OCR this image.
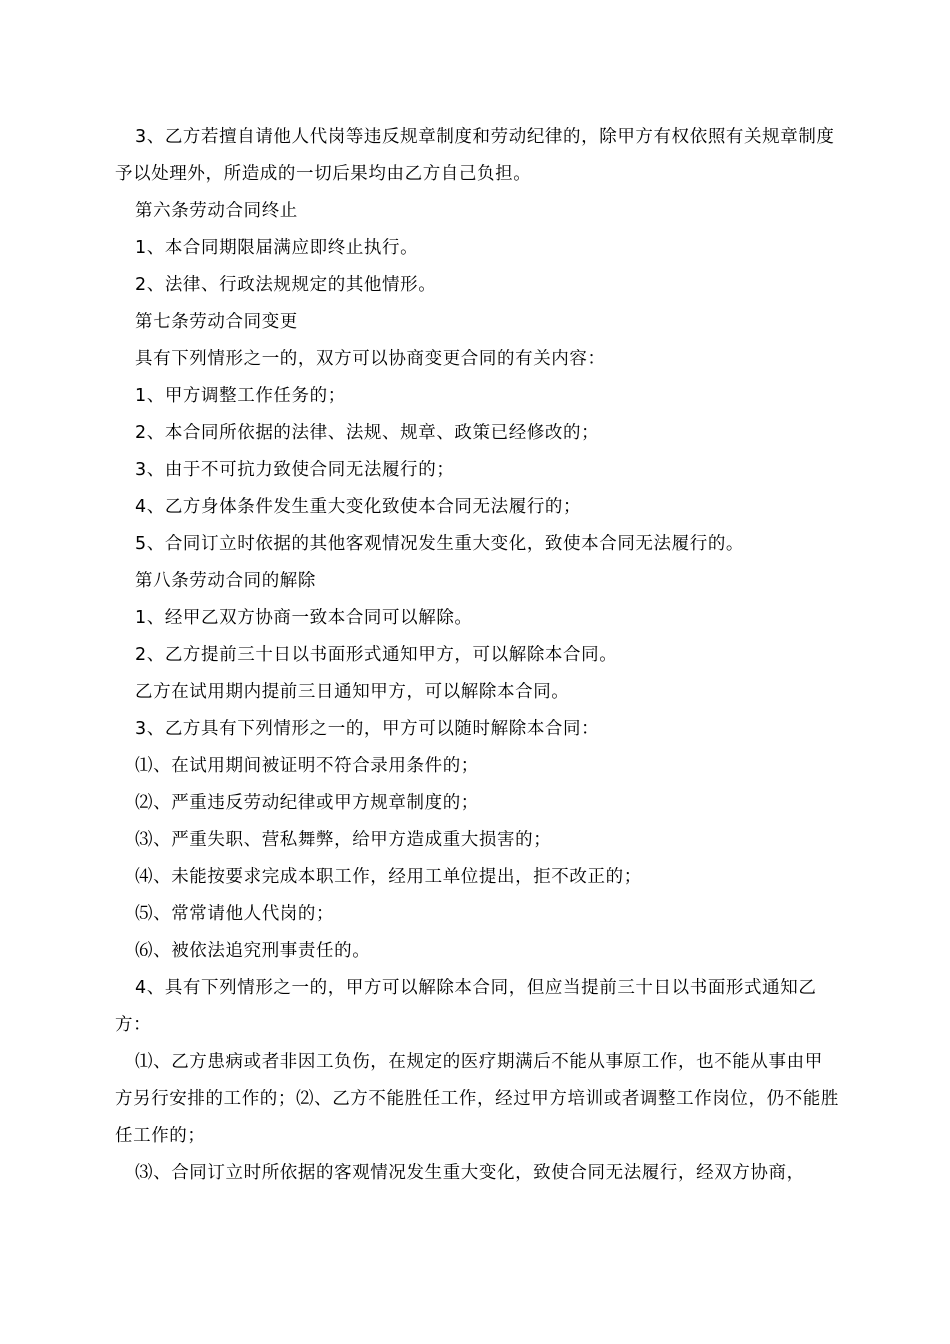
3、乙方若擅自请他人代岗等违反规章制度和劳动纪律的，除甲方有权依照有关规章制度予以处理外，所造成的一切后果均由乙方自己负担。

第六条劳动合同终止

1、本合同期限届满应即终止执行。

2、法律、行政法规规定的其他情形。

第七条劳动合同变更

具有下列情形之一的，双方可以协商变更合同的有关内容：

1、甲方调整工作任务的；

2、本合同所依据的法律、法规、规章、政策已经修改的；

3、由于不可抗力致使合同无法履行的；

4、乙方身体条件发生重大变化致使本合同无法履行的；

5、合同订立时依据的其他客观情况发生重大变化，致使本合同无法履行的。

第八条劳动合同的解除

1、经甲乙双方协商一致本合同可以解除。

2、乙方提前三十日以书面形式通知甲方，可以解除本合同。

乙方在试用期内提前三日通知甲方，可以解除本合同。

3、乙方具有下列情形之一的，甲方可以随时解除本合同：

⑴、在试用期间被证明不符合录用条件的；

⑵、严重违反劳动纪律或甲方规章制度的；

⑶、严重失职、营私舞弊，给甲方造成重大损害的；

⑷、未能按要求完成本职工作，经用工单位提出，拒不改正的；

⑸、常常请他人代岗的；

⑹、被依法追究刑事责任的。

4、具有下列情形之一的，甲方可以解除本合同，但应当提前三十日以书面形式通知乙方：

⑴、乙方患病或者非因工负伤，在规定的医疗期满后不能从事原工作，也不能从事由甲方另行安排的工作的；⑵、乙方不能胜任工作，经过甲方培训或者调整工作岗位，仍不能胜任工作的；

⑶、合同订立时所依据的客观情况发生重大变化，致使合同无法履行，经双方协商，
